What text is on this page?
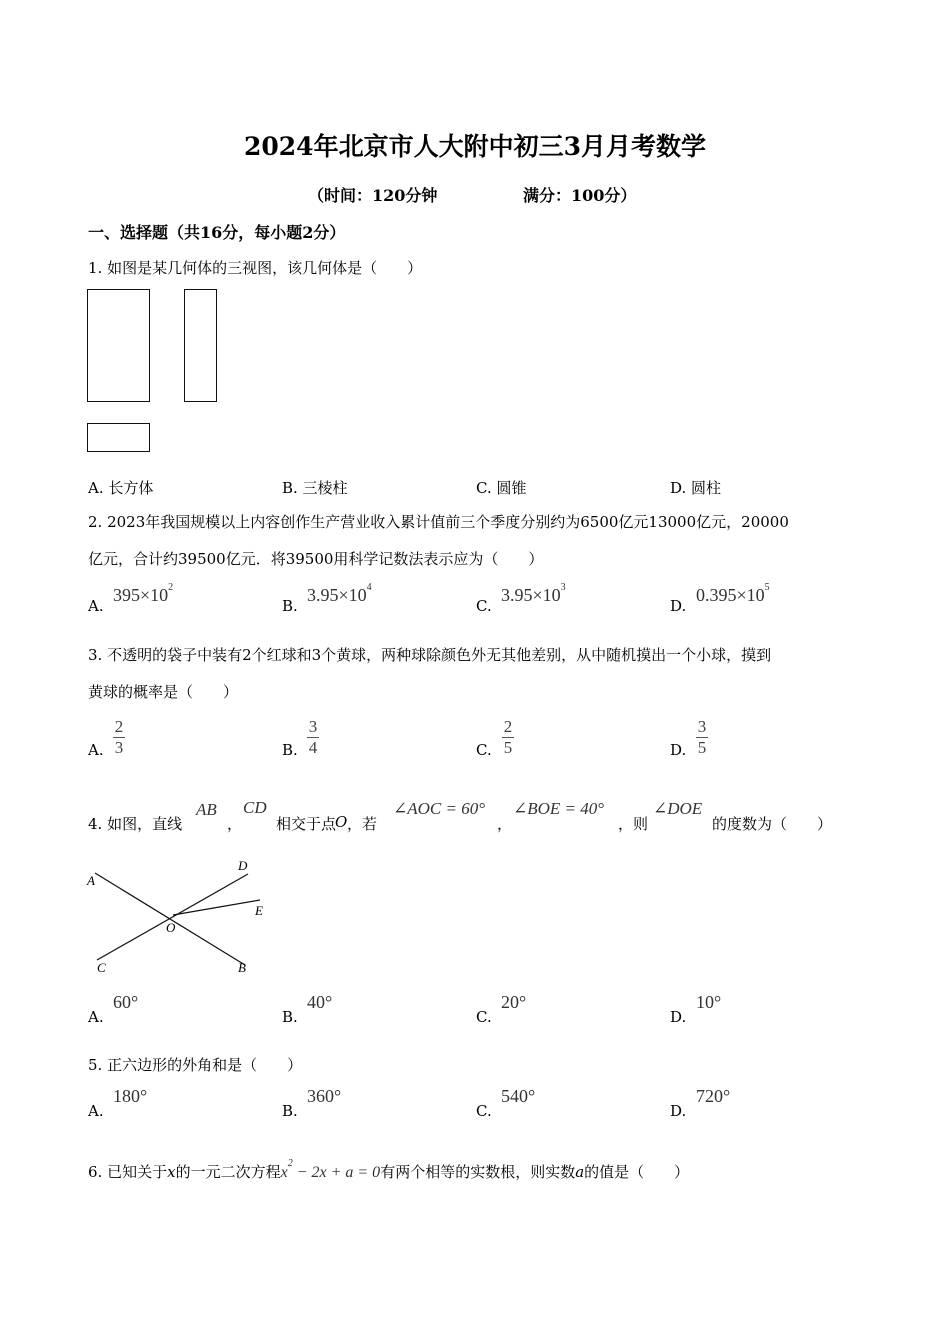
2024年北京市人大附中初三3月月考数学
（时间：120分钟	满分：100分）
一、选择题（共16分，每小题2分）
1. 如图是某几何体的三视图，该几何体是（　　）
A. 长方体	B. 三棱柱	C. 圆锥	D. 圆柱
2. 2023年我国规模以上内容创作生产营业收入累计值前三个季度分别约为6500亿元13000亿元，20000
亿元，合计约39500亿元．将39500用科学记数法表示应为（　　）
A.
$395\times 10^2$
B.
$3.95\times 10^4$
C.
$3.95\times 10^3$
D.
$0.395\times 10^5$
3. 不透明的袋子中装有2个红球和3个黄球，两种球除颜色外无其他差别，从中随机摸出一个小球，摸到
黄球的概率是（　　）
A. $\frac{2}{3}$	B. $\frac{3}{4}$	C. $\frac{2}{5}$	D. $\frac{3}{5}$
4. 如图，直线
AB
，
CD
相交于点
O ，若
∠AOC = 60°
，
∠BOE = 40°
，则
∠DOE
的度数为（　　）
A
D
E
O
C	B
A.
60°
B.
40°
C.
20°
D.
10°
5. 正六边形的外角和是（　　）
A.
180°
B.
360°
C.
540°
D.
720°
6. 已知关于x的一元二次方程$x^2 - 2x + a = 0$有两个相等的实数根，则实数a的值是（　　）
